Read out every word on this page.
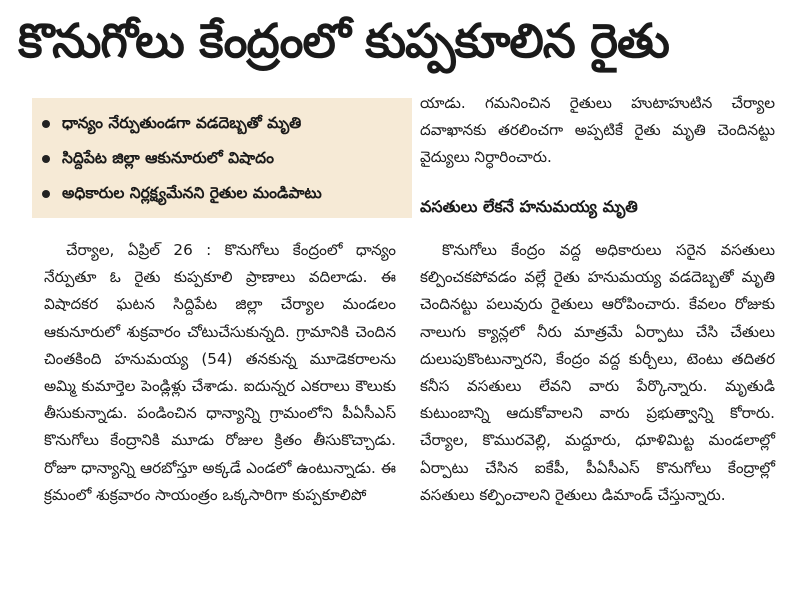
కొనుగోలు కేంద్రంలో కుప్పకూలిన రైతు
ధాన్యం నేర్పుతుండగా వడదెబ్బతో మృతి
సిద్దిపేట జిల్లా ఆకునూరులో విషాదం
అధికారుల నిర్లక్ష్యమేనని రైతుల మండిపాటు

చేర్యాల, ఏప్రిల్ 26 : కొనుగోలు కేంద్రంలో ధాన్యం నేర్పుతూ ఓ రైతు కుప్పకూలి ప్రాణాలు వదిలాడు. ఈ విషాదకర ఘటన సిద్దిపేట జిల్లా చేర్యాల మండలం ఆకునూరులో శుక్రవారం చోటుచేసుకున్నది. గ్రామానికి చెందిన చింతకింది హనుమయ్య (54) తనకున్న మూడెకరాలను అమ్మి కుమార్తెల పెండ్లిళ్లు చేశాడు. ఐదున్నర ఎకరాలు కౌలుకు తీసుకున్నాడు. పండించిన ధాన్యాన్ని గ్రామంలోని పీఏసీఎస్ కొనుగోలు కేంద్రానికి మూడు రోజుల క్రితం తీసుకొచ్చాడు. రోజూ ధాన్యాన్ని ఆరబోస్తూ అక్కడే ఎండలో ఉంటున్నాడు. ఈ క్రమంలో శుక్రవారం సాయంత్రం ఒక్కసారిగా కుప్పకూలిపో

యాడు. గమనించిన రైతులు హుటాహుటిన చేర్యాల దవాఖానకు తరలించగా అప్పటికే రైతు మృతి చెందినట్టు వైద్యులు నిర్ధారించారు.

వసతులు లేకనే హనుమయ్య మృతి

కొనుగోలు కేంద్రం వద్ద అధికారులు సరైన వసతులు కల్పించకపోవడం వల్లే రైతు హనుమయ్య వడదెబ్బతో మృతి చెందినట్టు పలువురు రైతులు ఆరోపించారు. కేవలం రోజుకు నాలుగు క్యాన్లలో నీరు మాత్రమే ఏర్పాటు చేసి చేతులు దులుపుకొంటున్నారని, కేంద్రం వద్ద కుర్చీలు, టెంటు తదితర కనీస వసతులు లేవని వారు పేర్కొన్నారు. మృతుడి కుటుంబాన్ని ఆదుకోవాలని వారు ప్రభుత్వాన్ని కోరారు. చేర్యాల, కొమురవెల్లి, మద్దూరు, ధూళిమిట్ట మండలాల్లో ఏర్పాటు చేసిన ఐకేపీ, పీఏసీఎస్ కొనుగోలు కేంద్రాల్లో వసతులు కల్పించాలని రైతులు డిమాండ్ చేస్తున్నారు.
